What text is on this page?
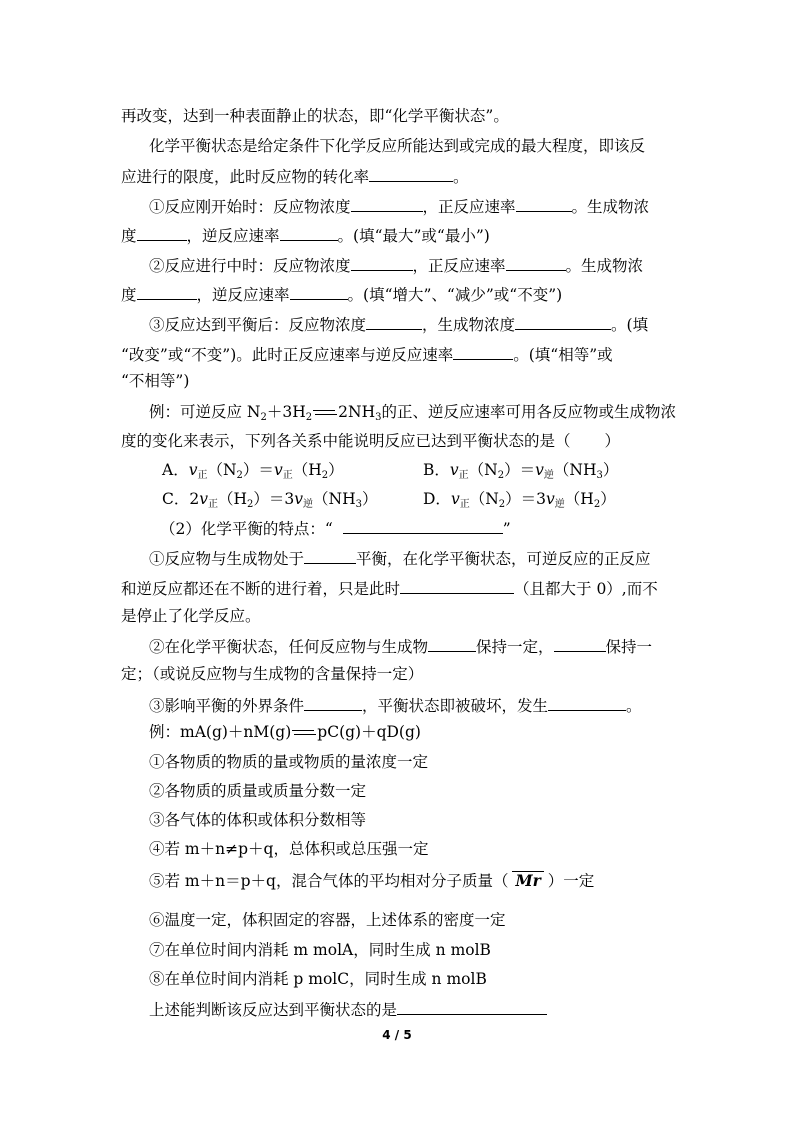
再改变，达到一种表面静止的状态，即“化学平衡状态”。
化学平衡状态是给定条件下化学反应所能达到或完成的最大程度，即该反
应进行的限度，此时反应物的转化率	。
①反应刚开始时：反应物浓度	，正反应速率	。生成物浓
度	，逆反应速率	。(填“最大”或“最小”)
②反应进行中时：反应物浓度	，正反应速率	。生成物浓
度	，逆反应速率	。(填“增大”、“减少”或“不变”)
③反应达到平衡后：反应物浓度	，生成物浓度	。(填
“改变”或“不变”)。此时正反应速率与逆反应速率	。(填“相等”或
“不相等”)
例：可逆反应 $N_2+3H_2$ $2NH_3$的正、逆反应速率可用各反应物或生成物浓
度的变化来表示，下列各关系中能说明反应已达到平衡状态的是（ ）
A．v正$(N_2)=v$正$(H_2)$	B．v正$(N_2)=v$逆$(NH_3)$
C．2v正$(H_2)=3v$逆$(NH_3)$	D．v正$(N_2)=3v$逆$(H_2)$
（2）化学平衡的特点：“	”
①反应物与生成物处于	平衡，在化学平衡状态，可逆反应的正反应
和逆反应都还在不断的进行着，只是此时	（且都大于 0）,而不
是停止了化学反应。
②在化学平衡状态，任何反应物与生成物	保持一定，	保持一
定；（或说反应物与生成物的含量保持一定）
③影响平衡的外界条件	，平衡状态即被破坏，发生	。
例：mA(g)＋nM(g) pC(g)＋qD(g)
①各物质的物质的量或物质的量浓度一定
②各物质的质量或质量分数一定
③各气体的体积或体积分数相等
④若 m＋n≠p＋q，总体积或总压强一定
⑤若 m＋n＝p＋q，混合气体的平均相对分子质量（ Mr ）一定
⑥温度一定，体积固定的容器，上述体系的密度一定
⑦在单位时间内消耗 m molA，同时生成 n molB
⑧在单位时间内消耗 p molC，同时生成 n molB
上述能判断该反应达到平衡状态的是
4 / 5
